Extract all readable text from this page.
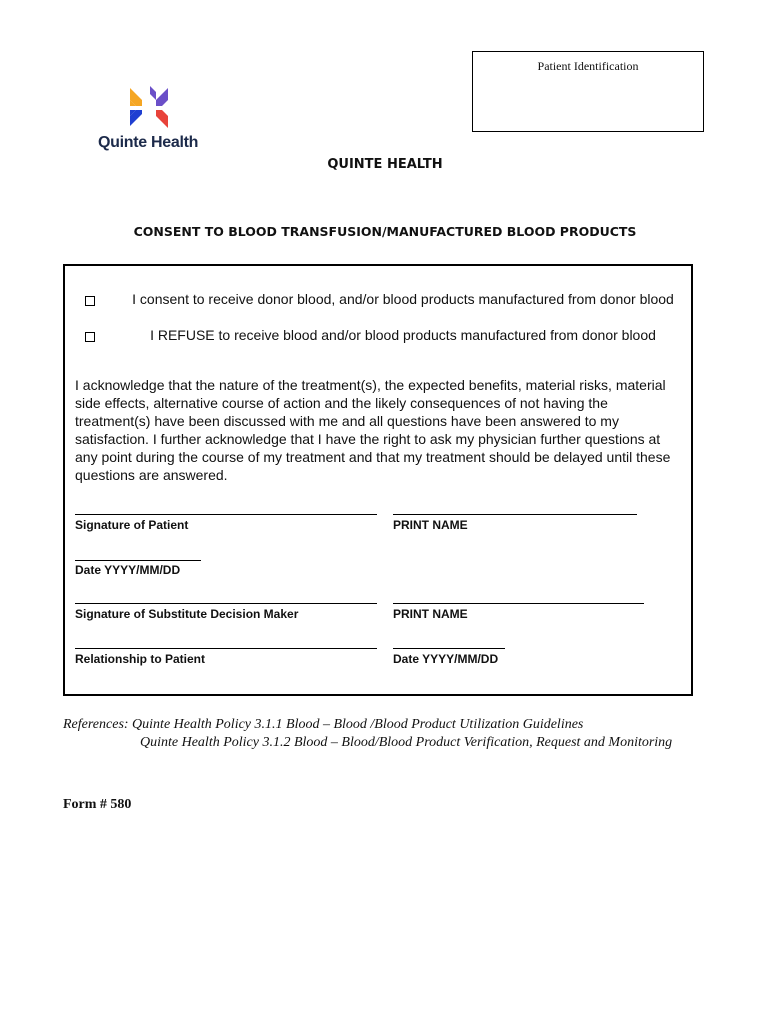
Quinte Health
Patient Identification
QUINTE HEALTH
CONSENT TO BLOOD TRANSFUSION/MANUFACTURED BLOOD PRODUCTS
I consent to receive donor blood, and/or blood products manufactured from donor blood
I REFUSE to receive blood and/or blood products manufactured from donor blood
I acknowledge that the nature of the treatment(s), the expected benefits, material risks, material side effects, alternative course of action and the likely consequences of not having the treatment(s) have been discussed with me and all questions have been answered to my satisfaction. I further acknowledge that I have the right to ask my physician further questions at any point during the course of my treatment and that my treatment should be delayed until these questions are answered.
Signature of Patient	PRINT NAME
Date YYYY/MM/DD
Signature of Substitute Decision Maker	PRINT NAME
Relationship to Patient	Date YYYY/MM/DD
References: Quinte Health Policy 3.1.1 Blood – Blood /Blood Product Utilization Guidelines
Quinte Health Policy 3.1.2 Blood – Blood/Blood Product Verification, Request and Monitoring
Form # 580
